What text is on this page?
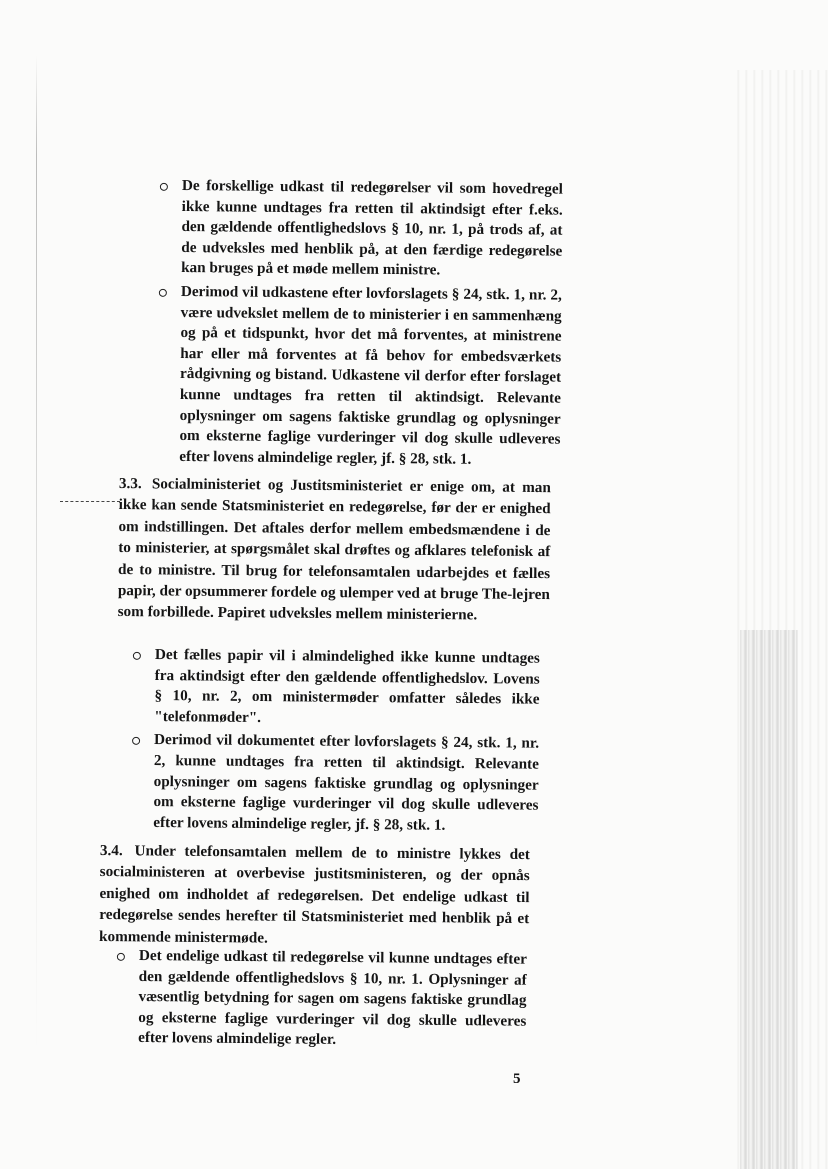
De forskellige udkast til redegørelser vil som hovedregel ikke kunne undtages fra retten til aktindsigt efter f.eks. den gældende offentlighedslovs § 10, nr. 1, på trods af, at de udveksles med henblik på, at den færdige redegørelse kan bruges på et møde mellem ministre.
Derimod vil udkastene efter lovforslagets § 24, stk. 1, nr. 2, være udvekslet mellem de to ministerier i en sammenhæng og på et tidspunkt, hvor det må forventes, at ministrene har eller må forventes at få behov for embedsværkets rådgivning og bistand. Udkastene vil derfor efter forslaget kunne undtages fra retten til aktindsigt. Relevante oplysninger om sagens faktiske grundlag og oplysninger om eksterne faglige vurderinger vil dog skulle udleveres efter lovens almindelige regler, jf. § 28, stk. 1.

3.3. Socialministeriet og Justitsministeriet er enige om, at man ikke kan sende Statsministeriet en redegørelse, før der er enighed om indstillingen. Det aftales derfor mellem embedsmændene i de to ministerier, at spørgsmålet skal drøftes og afklares telefonisk af de to ministre. Til brug for telefonsamtalen udarbejdes et fælles papir, der opsummerer fordele og ulemper ved at bruge The-lejren som forbillede. Papiret udveksles mellem ministerierne.

Det fælles papir vil i almindelighed ikke kunne undtages fra aktindsigt efter den gældende offentlighedslov. Lovens § 10, nr. 2, om ministermøder omfatter således ikke "telefonmøder".
Derimod vil dokumentet efter lovforslagets § 24, stk. 1, nr. 2, kunne undtages fra retten til aktindsigt. Relevante oplysninger om sagens faktiske grundlag og oplysninger om eksterne faglige vurderinger vil dog skulle udleveres efter lovens almindelige regler, jf. § 28, stk. 1.

3.4. Under telefonsamtalen mellem de to ministre lykkes det socialministeren at overbevise justitsministeren, og der opnås enighed om indholdet af redegørelsen. Det endelige udkast til redegørelse sendes herefter til Statsministeriet med henblik på et kommende ministermøde.

Det endelige udkast til redegørelse vil kunne undtages efter den gældende offentlighedslovs § 10, nr. 1. Oplysninger af væsentlig betydning for sagen om sagens faktiske grundlag og eksterne faglige vurderinger vil dog skulle udleveres efter lovens almindelige regler.
5
